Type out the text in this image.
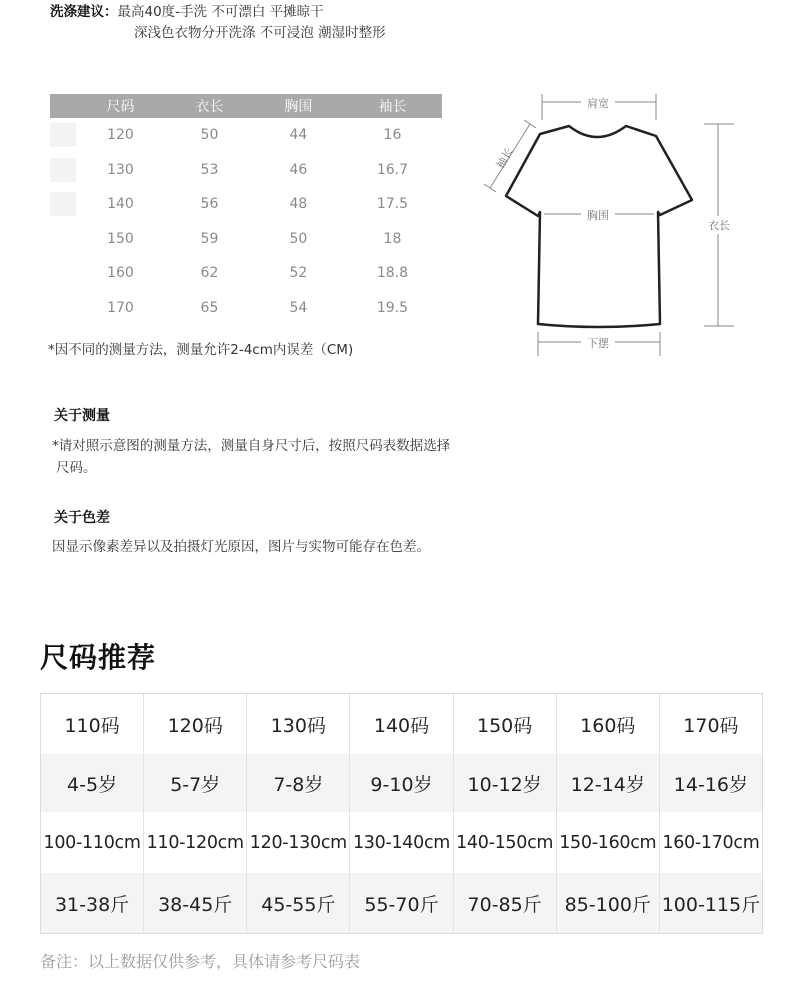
洗涤建议：最高40度-手洗 不可漂白 平摊晾干
深浅色衣物分开洗涤 不可浸泡 潮湿时整形
	尺码	衣长	胸围	袖长

	120	50	44	16

	130	53	46	16.7

	140	56	48	17.5

	150	59	50	18

	160	62	52	18.8

	170	65	54	19.5
*因不同的测量方法，测量允许2-4cm内误差（CM)
肩宽
袖长
胸围
衣长
下摆
关于测量
*请对照示意图的测量方法，测量自身尺寸后，按照尺码表数据选择
尺码。
关于色差
因显示像素差异以及拍摄灯光原因，图片与实物可能存在色差。
尺码推荐
110码	120码	130码	140码	150码	160码	170码
4-5岁	5-7岁	7-8岁	9-10岁	10-12岁	12-14岁	14-16岁
100-110cm 110-120cm 120-130cm 130-140cm 140-150cm 150-160cm 160-170cm
31-38斤	38-45斤	45-55斤	55-70斤	70-85斤	85-100斤 100-115斤
备注：以上数据仅供参考，具体请参考尺码表
